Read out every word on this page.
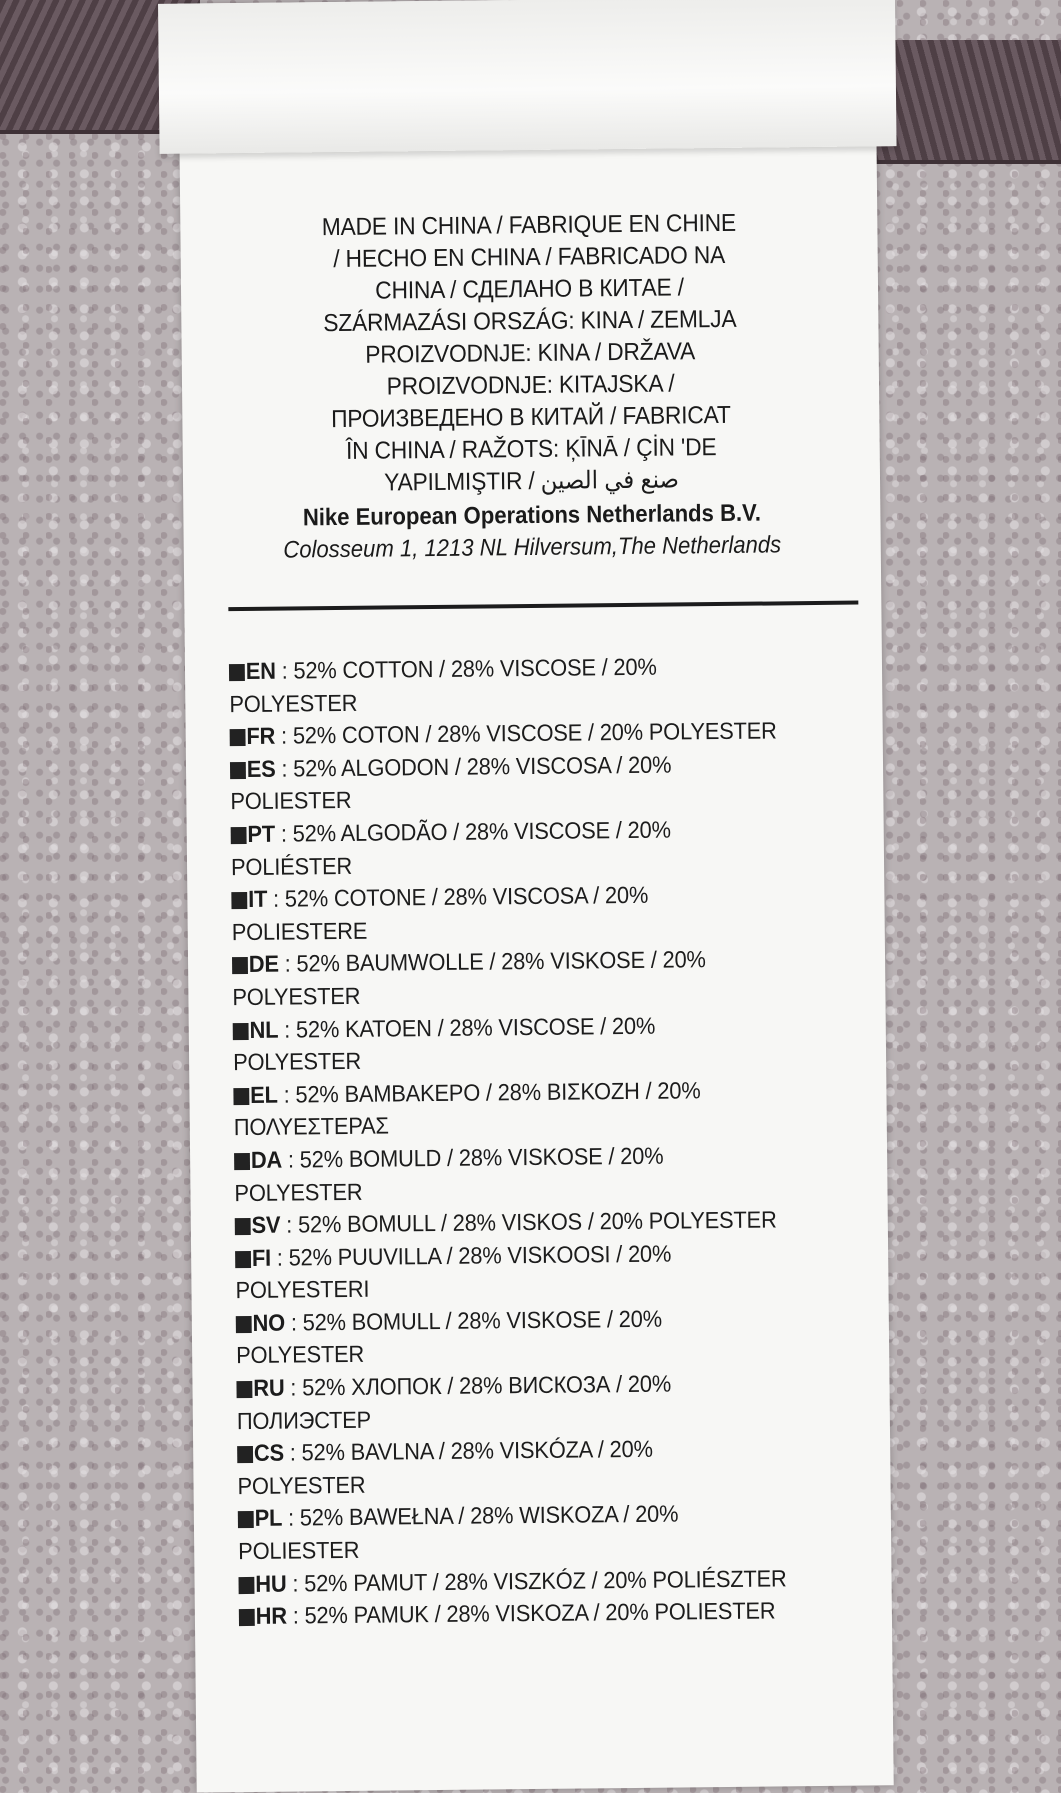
MADE IN CHINA / FABRIQUE EN CHINE
/ HECHO EN CHINA / FABRICADO NA
CHINA / СДЕЛАНО В КИТАЕ /
SZÁRMAZÁSI ORSZÁG: KINA / ZEMLJA
PROIZVODNJE: KINA / DRŽAVA
PROIZVODNJE: KITAJSKA /
ПРОИЗВЕДЕНО В КИТАЙ / FABRICAT
ÎN CHINA / RAŽOTS: ĶĪNĀ / ÇİN 'DE
YAPILMIŞTIR / صنع في الصين
Nike European Operations Netherlands B.V.
Colosseum 1, 1213 NL Hilversum,The Netherlands
EN : 52% COTTON / 28% VISCOSE / 20%
POLYESTER
FR : 52% COTON / 28% VISCOSE / 20% POLYESTER
ES : 52% ALGODON / 28% VISCOSA / 20%
POLIESTER
PT : 52% ALGODÃO / 28% VISCOSE / 20%
POLIÉSTER
IT : 52% COTONE / 28% VISCOSA / 20%
POLIESTERE
DE : 52% BAUMWOLLE / 28% VISKOSE / 20%
POLYESTER
NL : 52% KATOEN / 28% VISCOSE / 20%
POLYESTER
EL : 52% ΒΑΜΒΑΚΕΡΟ / 28% ΒΙΣΚΟΖΗ / 20%
ΠΟΛΥΕΣΤΕΡΑΣ
DA : 52% BOMULD / 28% VISKOSE / 20%
POLYESTER
SV : 52% BOMULL / 28% VISKOS / 20% POLYESTER
FI : 52% PUUVILLA / 28% VISKOOSI / 20%
POLYESTERI
NO : 52% BOMULL / 28% VISKOSE / 20%
POLYESTER
RU : 52% ХЛОПОК / 28% ВИСКОЗА / 20%
ПОЛИЭСТЕР
CS : 52% BAVLNA / 28% VISKÓZA / 20%
POLYESTER
PL : 52% BAWEŁNA / 28% WISKOZA / 20%
POLIESTER
HU : 52% PAMUT / 28% VISZKÓZ / 20% POLIÉSZTER
HR : 52% PAMUK / 28% VISKOZA / 20% POLIESTER
